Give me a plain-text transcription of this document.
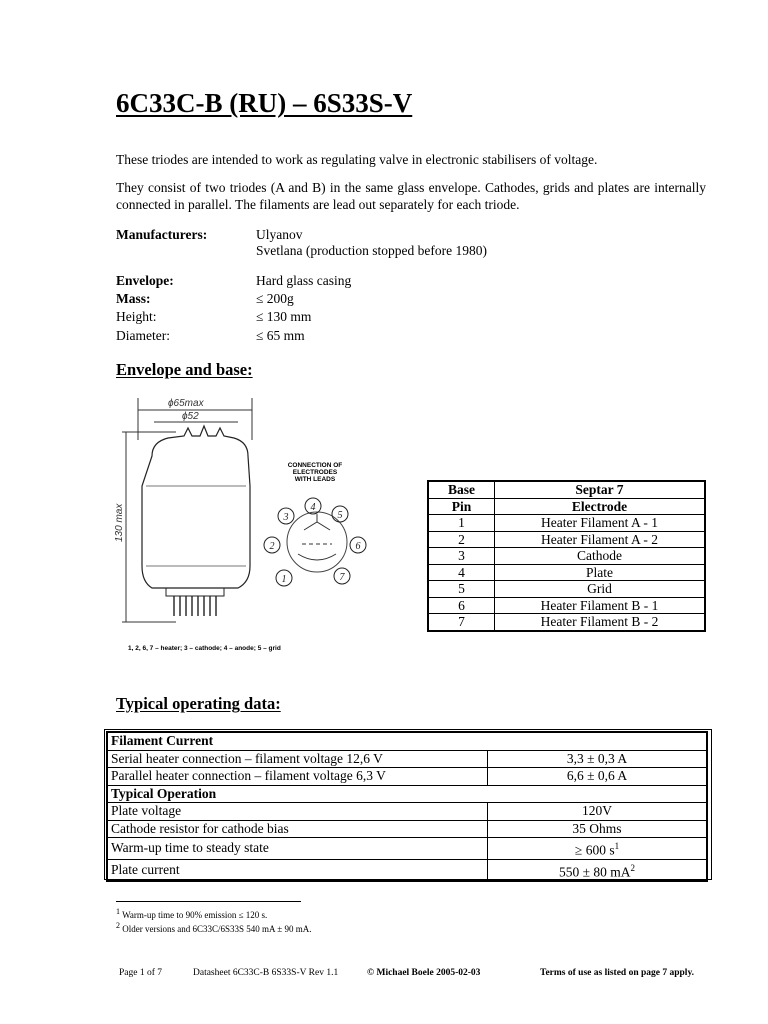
6C33C-B (RU) – 6S33S-V
These triodes are intended to work as regulating valve in electronic stabilisers of voltage.
They consist of two triodes (A and B) in the same glass envelope. Cathodes, grids and plates are internally connected in parallel. The filaments are lead out separately for each triode.
Manufacturers:	Ulyanov
Svetlana (production stopped before 1980)
Envelope:	Hard glass casing
Mass:	≤ 200g
Height:	≤ 130 mm
Diameter:	≤ 65 mm
Envelope and base:
ϕ65max
ϕ52
130 max
CONNECTION OF ELECTRODES WITH LEADS
4
3	5
2	6
1	7
1, 2, 6, 7 – heater; 3 – cathode; 4 – anode; 5 – grid
Base	Septar 7
Pin	Electrode
1	Heater Filament A - 1
2	Heater Filament A - 2
3	Cathode
4	Plate
5	Grid
6	Heater Filament B - 1
7	Heater Filament B - 2
Typical operating data:
Filament Current	
Serial heater connection – filament voltage 12,6 V	3,3 ± 0,3 A
Parallel heater connection – filament voltage 6,3 V	6,6 ± 0,6 A
Typical Operation	
Plate voltage	120V
Cathode resistor for cathode bias	35 Ohms
Warm-up time to steady state	≥ 600 $s^1$
Plate current	550 ± 80 $mA^2$
$^1$ Warm-up time to 90% emission ≤ 120 s.
$^2$ Older versions and 6C33C/6S33S 540 mA ± 90 mA.
Page 1 of 7	Datasheet 6C33C-B 6S33S-V Rev 1.1	© Michael Boele 2005-02-03	Terms of use as listed on page 7 apply.
